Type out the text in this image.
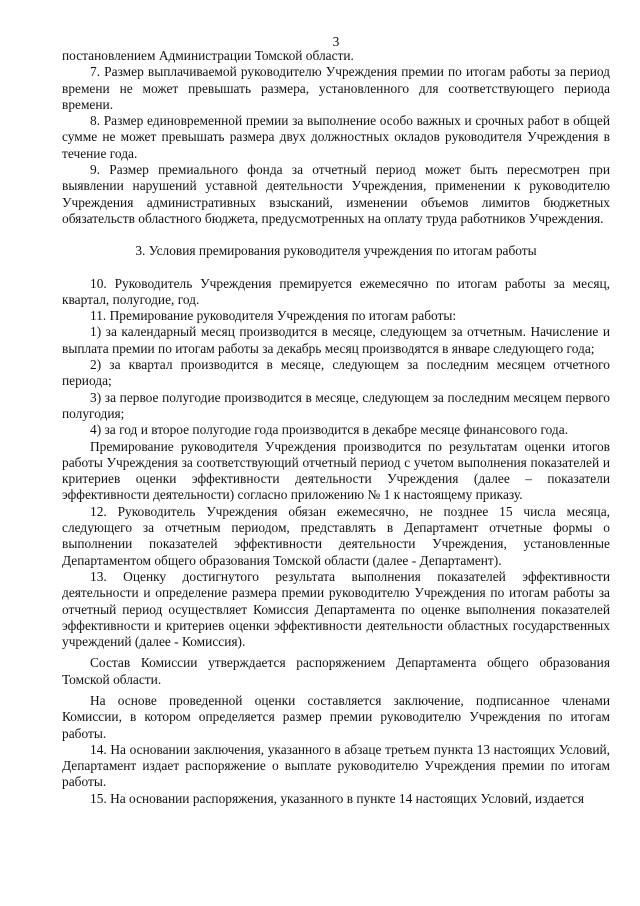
3

постановлением Администрации Томской области.

7. Размер выплачиваемой руководителю Учреждения премии по итогам работы за период времени не может превышать размера, установленного для соответствующего периода времени.

8. Размер единовременной премии за выполнение особо важных и срочных работ в общей сумме не может превышать размера двух должностных окладов руководителя Учреждения в течение года.

9. Размер премиального фонда за отчетный период может быть пересмотрен при выявлении нарушений уставной деятельности Учреждения, применении к руководителю Учреждения административных взысканий, изменении объемов лимитов бюджетных обязательств областного бюджета, предусмотренных на оплату труда работников Учреждения.

3. Условия премирования руководителя учреждения по итогам работы

10. Руководитель Учреждения премируется ежемесячно по итогам работы за месяц, квартал, полугодие, год.

11. Премирование руководителя Учреждения по итогам работы:

1) за календарный месяц производится в месяце, следующем за отчетным. Начисление и выплата премии по итогам работы за декабрь месяц производятся в январе следующего года;

2) за квартал производится в месяце, следующем за последним месяцем отчетного периода;

3) за первое полугодие производится в месяце, следующем за последним месяцем первого полугодия;

4) за год и второе полугодие года производится в декабре месяце финансового года.

Премирование руководителя Учреждения производится по результатам оценки итогов работы Учреждения за соответствующий отчетный период с учетом выполнения показателей и критериев оценки эффективности деятельности Учреждения (далее – показатели эффективности деятельности) согласно приложению № 1 к настоящему приказу.

12. Руководитель Учреждения обязан ежемесячно, не позднее 15 числа месяца, следующего за отчетным периодом, представлять в Департамент отчетные формы о выполнении показателей эффективности деятельности Учреждения, установленные Департаментом общего образования Томской области (далее - Департамент).

13. Оценку достигнутого результата выполнения показателей эффективности деятельности и определение размера премии руководителю Учреждения по итогам работы за отчетный период осуществляет Комиссия Департамента по оценке выполнения показателей эффективности и критериев оценки эффективности деятельности областных государственных учреждений (далее - Комиссия).

Состав Комиссии утверждается распоряжением Департамента общего образования Томской области.

На основе проведенной оценки составляется заключение, подписанное членами Комиссии, в котором определяется размер премии руководителю Учреждения по итогам работы.

14. На основании заключения, указанного в абзаце третьем пункта 13 настоящих Условий, Департамент издает распоряжение о выплате руководителю Учреждения премии по итогам работы.

15. На основании распоряжения, указанного в пункте 14 настоящих Условий, издается
